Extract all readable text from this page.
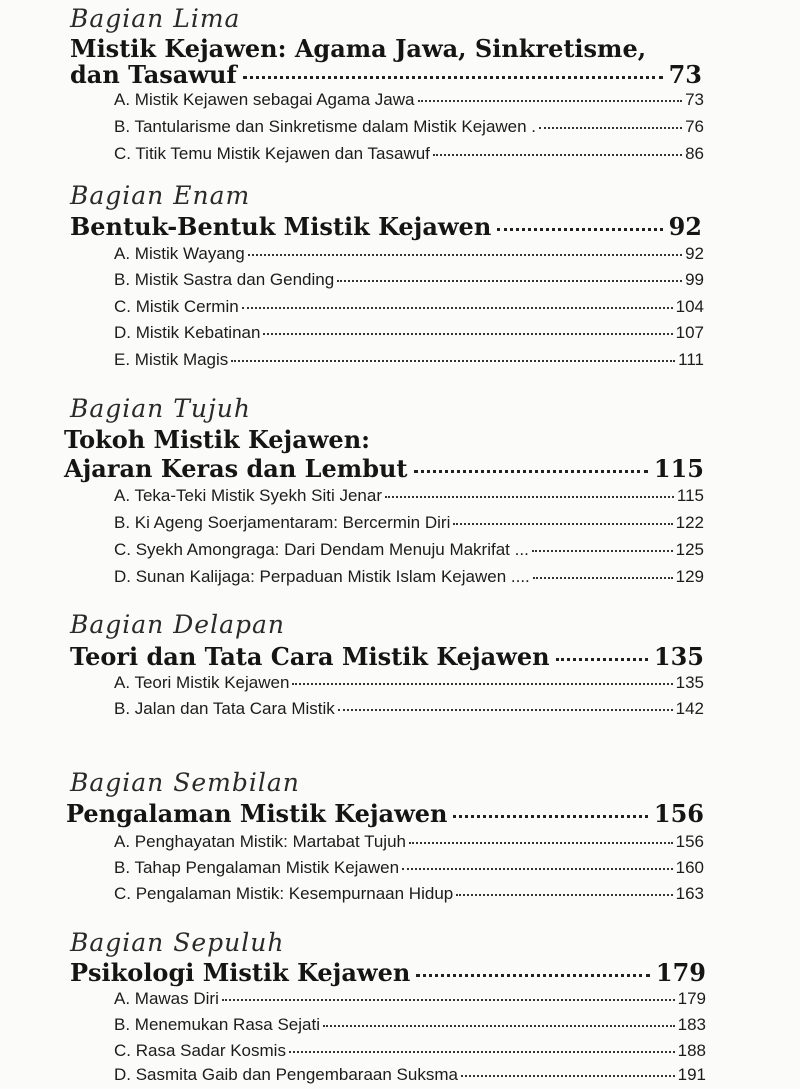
Bagian Lima
Mistik Kejawen: Agama Jawa, Sinkretisme,
dan Tasawuf	73
A. Mistik Kejawen sebagai Agama Jawa	73
B. Tantularisme dan Sinkretisme dalam Mistik Kejawen .	76
C. Titik Temu Mistik Kejawen dan Tasawuf	86
Bagian Enam
Bentuk-Bentuk Mistik Kejawen	92
A. Mistik Wayang	92
B. Mistik Sastra dan Gending	99
C. Mistik Cermin	104
D. Mistik Kebatinan	107
E. Mistik Magis	111
Bagian Tujuh
Tokoh Mistik Kejawen:
Ajaran Keras dan Lembut	115
A. Teka-Teki Mistik Syekh Siti Jenar	115
B. Ki Ageng Soerjamentaram: Bercermin Diri	122
C. Syekh Amongraga: Dari Dendam Menuju Makrifat ...	125
D. Sunan Kalijaga: Perpaduan Mistik Islam Kejawen ....	129
Bagian Delapan
Teori dan Tata Cara Mistik Kejawen	135
A. Teori Mistik Kejawen	135
B. Jalan dan Tata Cara Mistik	142
Bagian Sembilan
Pengalaman Mistik Kejawen	156
A. Penghayatan Mistik: Martabat Tujuh	156
B. Tahap Pengalaman Mistik Kejawen	160
C. Pengalaman Mistik: Kesempurnaan Hidup	163
Bagian Sepuluh
Psikologi Mistik Kejawen	179
A. Mawas Diri	179
B. Menemukan Rasa Sejati	183
C. Rasa Sadar Kosmis	188
D. Sasmita Gaib dan Pengembaraan Suksma	191
